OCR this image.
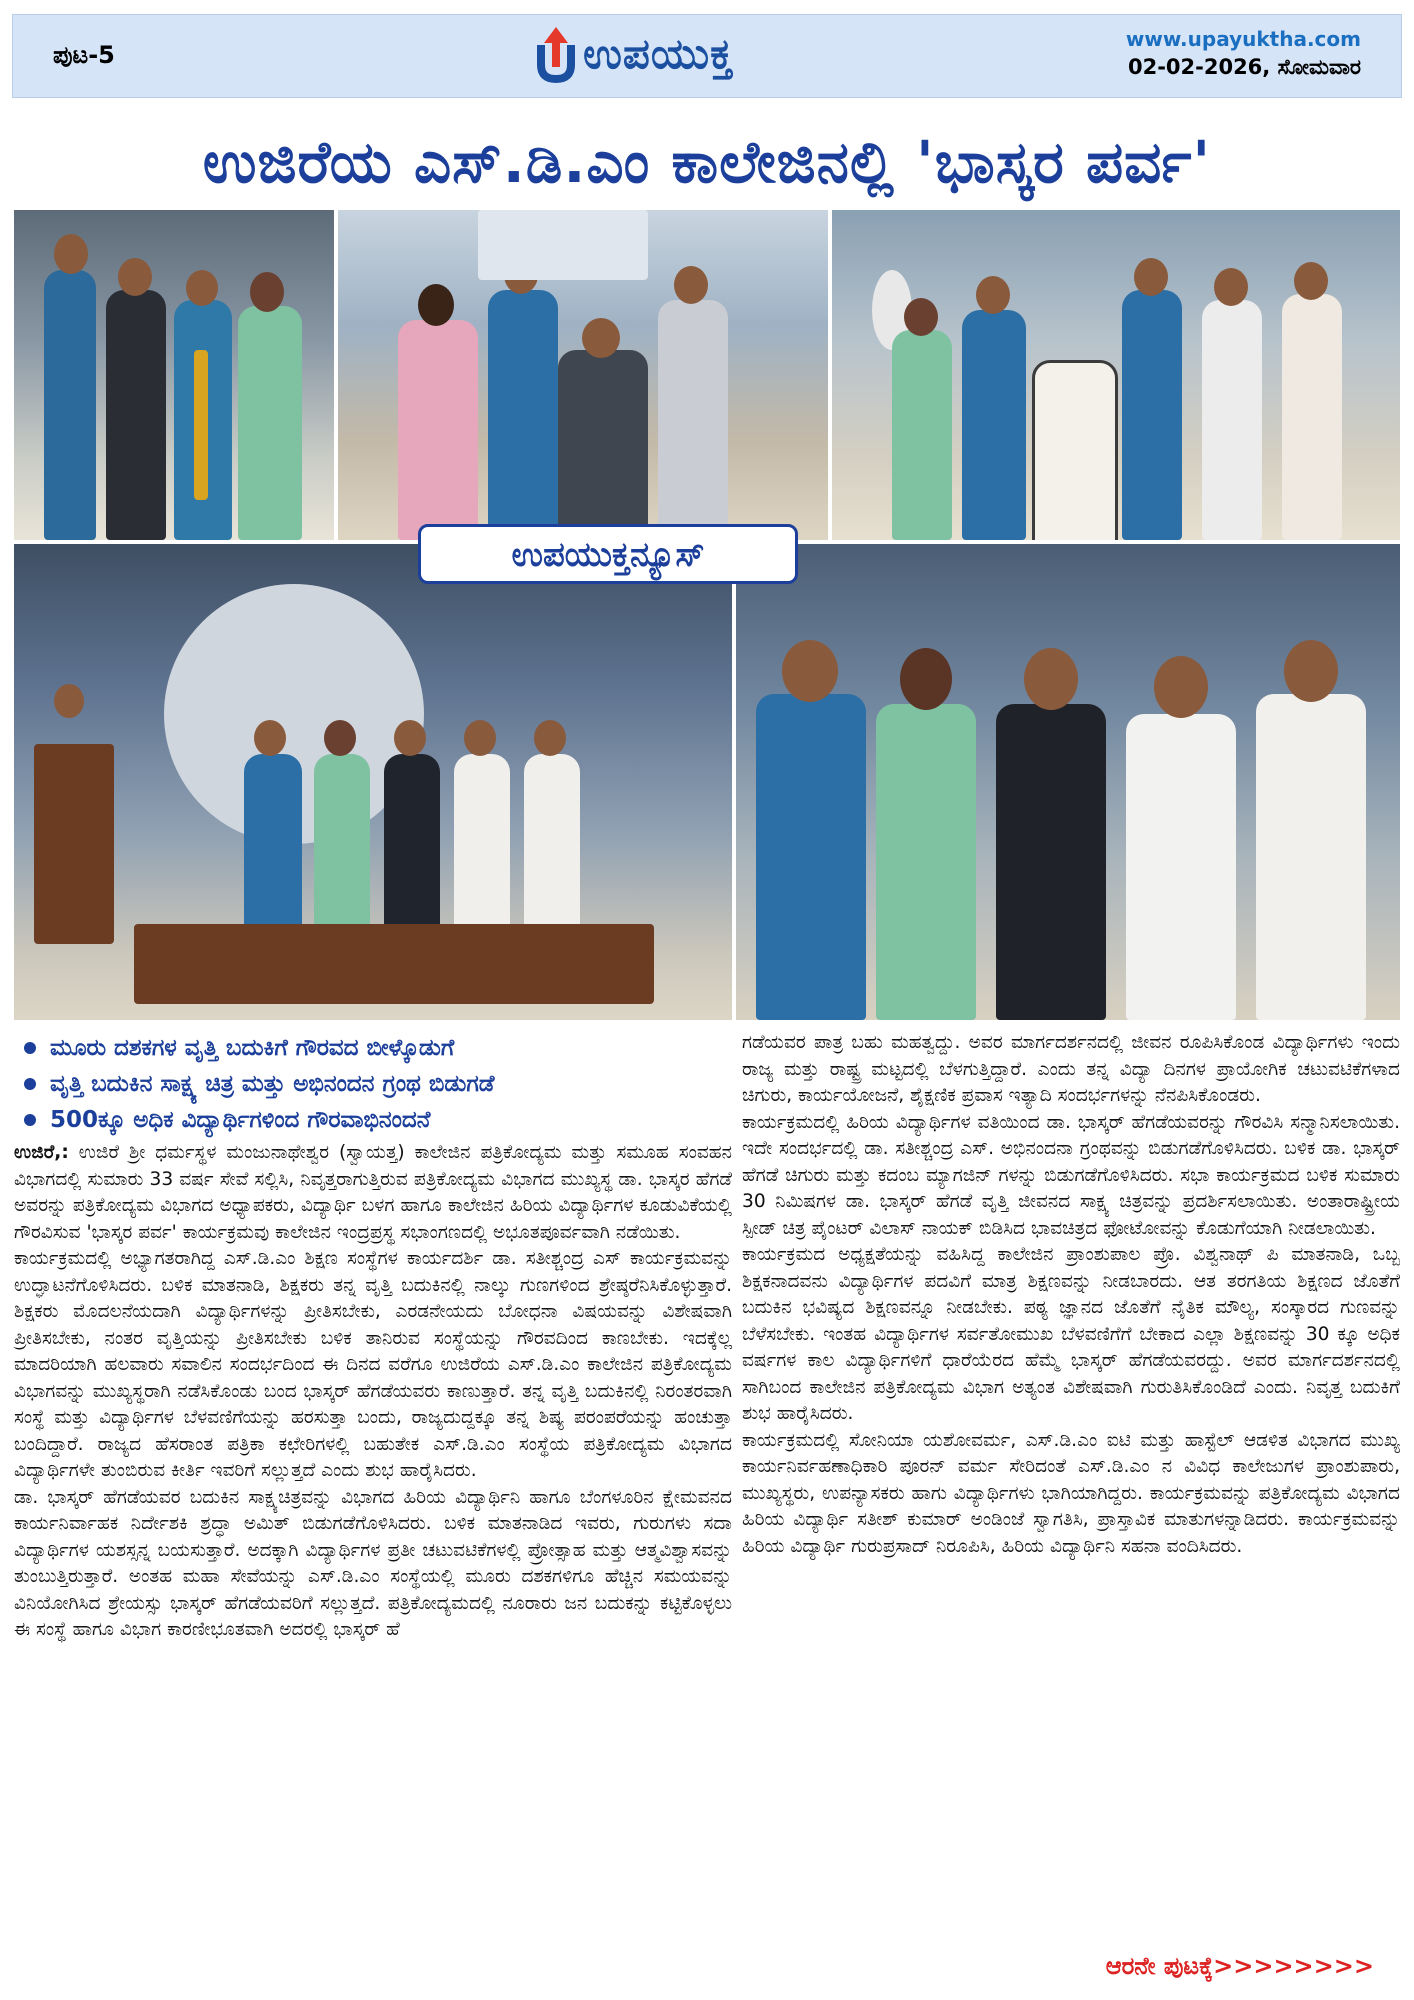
ಪುಟ-5	ಉಪಯುಕ್ತ	www.upayuktha.com
02-02-2026, ಸೋಮವಾರ
ಉಜಿರೆಯ ಎಸ್.ಡಿ.ಎಂ ಕಾಲೇಜಿನಲ್ಲಿ 'ಭಾಸ್ಕರ ಪರ್ವ'
ಉಪಯುಕ್ತನ್ಯೂಸ್
ಮೂರು ದಶಕಗಳ ವೃತ್ತಿ ಬದುಕಿಗೆ ಗೌರವದ ಬೀಳ್ಕೊಡುಗೆ
ವೃತ್ತಿ ಬದುಕಿನ ಸಾಕ್ಷ್ಯ ಚಿತ್ರ ಮತ್ತು ಅಭಿನಂದನ ಗ್ರಂಥ ಬಿಡುಗಡೆ
500ಕ್ಕೂ ಅಧಿಕ ವಿದ್ಯಾರ್ಥಿಗಳಿಂದ ಗೌರವಾಭಿನಂದನೆ

ಉಜಿರೆ,: ಉಜಿರೆ ಶ್ರೀ ಧರ್ಮಸ್ಥಳ ಮಂಜುನಾಥೇಶ್ವರ (ಸ್ವಾಯತ್ತ) ಕಾಲೇಜಿನ ಪತ್ರಿಕೋದ್ಯಮ ಮತ್ತು ಸಮೂಹ ಸಂವಹನ ವಿಭಾಗದಲ್ಲಿ ಸುಮಾರು 33 ವರ್ಷ ಸೇವೆ ಸಲ್ಲಿಸಿ, ನಿವೃತ್ತರಾಗುತ್ತಿರುವ ಪತ್ರಿಕೋದ್ಯಮ ವಿಭಾಗದ ಮುಖ್ಯಸ್ಥ ಡಾ. ಭಾಸ್ಕರ ಹೆಗಡೆ ಅವರನ್ನು ಪತ್ರಿಕೋದ್ಯಮ ವಿಭಾಗದ ಅಧ್ಯಾಪಕರು, ವಿದ್ಯಾರ್ಥಿ ಬಳಗ ಹಾಗೂ ಕಾಲೇಜಿನ ಹಿರಿಯ ವಿದ್ಯಾರ್ಥಿಗಳ ಕೂಡುವಿಕೆಯಲ್ಲಿ ಗೌರವಿಸುವ 'ಭಾಸ್ಕರ ಪರ್ವ' ಕಾರ್ಯಕ್ರಮವು ಕಾಲೇಜಿನ ಇಂದ್ರಪ್ರಸ್ಥ ಸಭಾಂಗಣದಲ್ಲಿ ಅಭೂತಪೂರ್ವವಾಗಿ ನಡೆಯಿತು.

ಕಾರ್ಯಕ್ರಮದಲ್ಲಿ ಅಭ್ಯಾಗತರಾಗಿದ್ದ ಎಸ್.ಡಿ.ಎಂ ಶಿಕ್ಷಣ ಸಂಸ್ಥೆಗಳ ಕಾರ್ಯದರ್ಶಿ ಡಾ. ಸತೀಶ್ಚಂದ್ರ ಎಸ್ ಕಾರ್ಯಕ್ರಮವನ್ನು ಉದ್ಘಾಟನೆಗೊಳಿಸಿದರು. ಬಳಿಕ ಮಾತನಾಡಿ, ಶಿಕ್ಷಕರು ತನ್ನ ವೃತ್ತಿ ಬದುಕಿನಲ್ಲಿ ನಾಲ್ಕು ಗುಣಗಳಿಂದ ಶ್ರೇಷ್ಠರೆನಿಸಿಕೊಳ್ಳುತ್ತಾರೆ. ಶಿಕ್ಷಕರು ಮೊದಲನೆಯದಾಗಿ ವಿದ್ಯಾರ್ಥಿಗಳನ್ನು ಪ್ರೀತಿಸಬೇಕು, ಎರಡನೇಯದು ಬೋಧನಾ ವಿಷಯವನ್ನು ವಿಶೇಷವಾಗಿ ಪ್ರೀತಿಸಬೇಕು, ನಂತರ ವೃತ್ತಿಯನ್ನು ಪ್ರೀತಿಸಬೇಕು ಬಳಿಕ ತಾನಿರುವ ಸಂಸ್ಥೆಯನ್ನು ಗೌರವದಿಂದ ಕಾಣಬೇಕು. ಇದಕ್ಕೆಲ್ಲ ಮಾದರಿಯಾಗಿ ಹಲವಾರು ಸವಾಲಿನ ಸಂದರ್ಭದಿಂದ ಈ ದಿನದ ವರೆಗೂ ಉಜಿರೆಯ ಎಸ್.ಡಿ.ಎಂ ಕಾಲೇಜಿನ ಪತ್ರಿಕೋದ್ಯಮ ವಿಭಾಗವನ್ನು ಮುಖ್ಯಸ್ಥರಾಗಿ ನಡೆಸಿಕೊಂಡು ಬಂದ ಭಾಸ್ಕರ್ ಹೆಗಡೆಯವರು ಕಾಣುತ್ತಾರೆ. ತನ್ನ ವೃತ್ತಿ ಬದುಕಿನಲ್ಲಿ ನಿರಂತರವಾಗಿ ಸಂಸ್ಥೆ ಮತ್ತು ವಿದ್ಯಾರ್ಥಿಗಳ ಬೆಳವಣಿಗೆಯನ್ನು ಹರಸುತ್ತಾ ಬಂದು, ರಾಜ್ಯದುದ್ದಕ್ಕೂ ತನ್ನ ಶಿಷ್ಯ ಪರಂಪರೆಯನ್ನು ಹಂಚುತ್ತಾ ಬಂದಿದ್ದಾರೆ. ರಾಜ್ಯದ ಹೆಸರಾಂತ ಪತ್ರಿಕಾ ಕಛೇರಿಗಳಲ್ಲಿ ಬಹುತೇಕ ಎಸ್.ಡಿ.ಎಂ ಸಂಸ್ಥೆಯ ಪತ್ರಿಕೋದ್ಯಮ ವಿಭಾಗದ ವಿದ್ಯಾರ್ಥಿಗಳೇ ತುಂಬಿರುವ ಕೀರ್ತಿ ಇವರಿಗೆ ಸಲ್ಲುತ್ತದೆ ಎಂದು ಶುಭ ಹಾರೈಸಿದರು.

ಡಾ. ಭಾಸ್ಕರ್ ಹೆಗಡೆಯವರ ಬದುಕಿನ ಸಾಕ್ಷ್ಯಚಿತ್ರವನ್ನು ವಿಭಾಗದ ಹಿರಿಯ ವಿದ್ಯಾರ್ಥಿನಿ ಹಾಗೂ ಬೆಂಗಳೂರಿನ ಕ್ಷೇಮವನದ ಕಾರ್ಯನಿರ್ವಾಹಕ ನಿರ್ದೇಶಕಿ ಶ್ರದ್ಧಾ ಅಮಿತ್ ಬಿಡುಗಡೆಗೊಳಿಸಿದರು. ಬಳಿಕ ಮಾತನಾಡಿದ ಇವರು, ಗುರುಗಳು ಸದಾ ವಿದ್ಯಾರ್ಥಿಗಳ ಯಶಸ್ಸನ್ನ ಬಯಸುತ್ತಾರೆ. ಅದಕ್ಕಾಗಿ ವಿದ್ಯಾರ್ಥಿಗಳ ಪ್ರತೀ ಚಟುವಟಿಕೆಗಳಲ್ಲಿ ಪ್ರೋತ್ಸಾಹ ಮತ್ತು ಆತ್ಮವಿಶ್ವಾಸವನ್ನು ತುಂಬುತ್ತಿರುತ್ತಾರೆ. ಅಂತಹ ಮಹಾ ಸೇವೆಯನ್ನು ಎಸ್.ಡಿ.ಎಂ ಸಂಸ್ಥೆಯಲ್ಲಿ ಮೂರು ದಶಕಗಳಿಗೂ ಹೆಚ್ಚಿನ ಸಮಯವನ್ನು ವಿನಿಯೋಗಿಸಿದ ಶ್ರೇಯಸ್ಸು ಭಾಸ್ಕರ್ ಹೆಗಡೆಯವರಿಗೆ ಸಲ್ಲುತ್ತದೆ. ಪತ್ರಿಕೋದ್ಯಮದಲ್ಲಿ ನೂರಾರು ಜನ ಬದುಕನ್ನು ಕಟ್ಟಿಕೊಳ್ಳಲು ಈ ಸಂಸ್ಥೆ ಹಾಗೂ ವಿಭಾಗ ಕಾರಣೀಭೂತವಾಗಿ ಅದರಲ್ಲಿ ಭಾಸ್ಕರ್ ಹೆ

ಗಡೆಯವರ ಪಾತ್ರ ಬಹು ಮಹತ್ವದ್ದು. ಅವರ ಮಾರ್ಗದರ್ಶನದಲ್ಲಿ ಜೀವನ ರೂಪಿಸಿಕೊಂಡ ವಿದ್ಯಾರ್ಥಿಗಳು ಇಂದು ರಾಜ್ಯ ಮತ್ತು ರಾಷ್ಟ್ರ ಮಟ್ಟದಲ್ಲಿ ಬೆಳಗುತ್ತಿದ್ದಾರೆ. ಎಂದು ತನ್ನ ವಿದ್ಯಾ ದಿನಗಳ ಪ್ರಾಯೋಗಿಕ ಚಟುವಟಿಕೆಗಳಾದ ಚಿಗುರು, ಕಾರ್ಯಯೋಜನೆ, ಶೈಕ್ಷಣಿಕ ಪ್ರವಾಸ ಇತ್ಯಾದಿ ಸಂದರ್ಭಗಳನ್ನು ನೆನಪಿಸಿಕೊಂಡರು.

ಕಾರ್ಯಕ್ರಮದಲ್ಲಿ ಹಿರಿಯ ವಿದ್ಯಾರ್ಥಿಗಳ ವತಿಯಿಂದ ಡಾ. ಭಾಸ್ಕರ್ ಹೆಗಡೆಯವರನ್ನು ಗೌರವಿಸಿ ಸನ್ಮಾನಿಸಲಾಯಿತು. ಇದೇ ಸಂದರ್ಭದಲ್ಲಿ ಡಾ. ಸತೀಶ್ಚಂದ್ರ ಎಸ್. ಅಭಿನಂದನಾ ಗ್ರಂಥವನ್ನು ಬಿಡುಗಡೆಗೊಳಿಸಿದರು. ಬಳಿಕ ಡಾ. ಭಾಸ್ಕರ್ ಹೆಗಡೆ ಚಿಗುರು ಮತ್ತು ಕದಂಬ ಮ್ಯಾಗಜಿನ್ ಗಳನ್ನು ಬಿಡುಗಡೆಗೊಳಿಸಿದರು. ಸಭಾ ಕಾರ್ಯಕ್ರಮದ ಬಳಿಕ ಸುಮಾರು 30 ನಿಮಿಷಗಳ ಡಾ. ಭಾಸ್ಕರ್ ಹೆಗಡೆ ವೃತ್ತಿ ಜೀವನದ ಸಾಕ್ಷ್ಯ ಚಿತ್ರವನ್ನು ಪ್ರದರ್ಶಿಸಲಾಯಿತು. ಅಂತಾರಾಷ್ಟ್ರೀಯ ಸ್ಪೀಡ್ ಚಿತ್ರ ಪೈಂಟರ್ ವಿಲಾಸ್ ನಾಯಕ್ ಬಿಡಿಸಿದ ಭಾವಚಿತ್ರದ ಫೋಟೋವನ್ನು ಕೊಡುಗೆಯಾಗಿ ನೀಡಲಾಯಿತು.

ಕಾರ್ಯಕ್ರಮದ ಅಧ್ಯಕ್ಷತೆಯನ್ನು ವಹಿಸಿದ್ದ ಕಾಲೇಜಿನ ಪ್ರಾಂಶುಪಾಲ ಪ್ರೊ. ವಿಶ್ವನಾಥ್ ಪಿ ಮಾತನಾಡಿ, ಒಬ್ಬ ಶಿಕ್ಷಕನಾದವನು ವಿದ್ಯಾರ್ಥಿಗಳ ಪದವಿಗೆ ಮಾತ್ರ ಶಿಕ್ಷಣವನ್ನು ನೀಡಬಾರದು. ಆತ ತರಗತಿಯ ಶಿಕ್ಷಣದ ಜೊತೆಗೆ ಬದುಕಿನ ಭವಿಷ್ಯದ ಶಿಕ್ಷಣವನ್ನೂ ನೀಡಬೇಕು. ಪಠ್ಯ ಜ್ಞಾನದ ಜೊತೆಗೆ ನೈತಿಕ ಮೌಲ್ಯ, ಸಂಸ್ಕಾರದ ಗುಣವನ್ನು ಬೆಳೆಸಬೇಕು. ಇಂತಹ ವಿದ್ಯಾರ್ಥಿಗಳ ಸರ್ವತೋಮುಖ ಬೆಳವಣಿಗೆಗೆ ಬೇಕಾದ ಎಲ್ಲಾ ಶಿಕ್ಷಣವನ್ನು 30 ಕ್ಕೂ ಅಧಿಕ ವರ್ಷಗಳ ಕಾಲ ವಿದ್ಯಾರ್ಥಿಗಳಿಗೆ ಧಾರೆಯೆರದ ಹೆಮ್ಮೆ ಭಾಸ್ಕರ್ ಹೆಗಡೆಯವರದ್ದು. ಅವರ ಮಾರ್ಗದರ್ಶನದಲ್ಲಿ ಸಾಗಿಬಂದ ಕಾಲೇಜಿನ ಪತ್ರಿಕೋದ್ಯಮ ವಿಭಾಗ ಅತ್ಯಂತ ವಿಶೇಷವಾಗಿ ಗುರುತಿಸಿಕೊಂಡಿದೆ ಎಂದು. ನಿವೃತ್ತ ಬದುಕಿಗೆ ಶುಭ ಹಾರೈಸಿದರು.

ಕಾರ್ಯಕ್ರಮದಲ್ಲಿ ಸೋನಿಯಾ ಯಶೋವರ್ಮ, ಎಸ್.ಡಿ.ಎಂ ಐಟಿ ಮತ್ತು ಹಾಸ್ಟೆಲ್ ಆಡಳಿತ ವಿಭಾಗದ ಮುಖ್ಯ ಕಾರ್ಯನಿರ್ವಹಣಾಧಿಕಾರಿ ಪೂರನ್ ವರ್ಮ ಸೇರಿದಂತೆ ಎಸ್.ಡಿ.ಎಂ ನ ವಿವಿಧ ಕಾಲೇಜುಗಳ ಪ್ರಾಂಶುಪಾರು, ಮುಖ್ಯಸ್ಥರು, ಉಪನ್ಯಾಸಕರು ಹಾಗು ವಿದ್ಯಾರ್ಥಿಗಳು ಭಾಗಿಯಾಗಿದ್ದರು. ಕಾರ್ಯಕ್ರಮವನ್ನು ಪತ್ರಿಕೋದ್ಯಮ ವಿಭಾಗದ ಹಿರಿಯ ವಿದ್ಯಾರ್ಥಿ ಸತೀಶ್ ಕುಮಾರ್ ಅಂಡಿಂಜೆ ಸ್ವಾಗತಿಸಿ, ಪ್ರಾಸ್ತಾವಿಕ ಮಾತುಗಳನ್ನಾಡಿದರು. ಕಾರ್ಯಕ್ರಮವನ್ನು ಹಿರಿಯ ವಿದ್ಯಾರ್ಥಿ ಗುರುಪ್ರಸಾದ್ ನಿರೂಪಿಸಿ, ಹಿರಿಯ ವಿದ್ಯಾರ್ಥಿನಿ ಸಹನಾ ವಂದಿಸಿದರು.

ಆರನೇ ಪುಟಕ್ಕೆ>>>>>>>>
